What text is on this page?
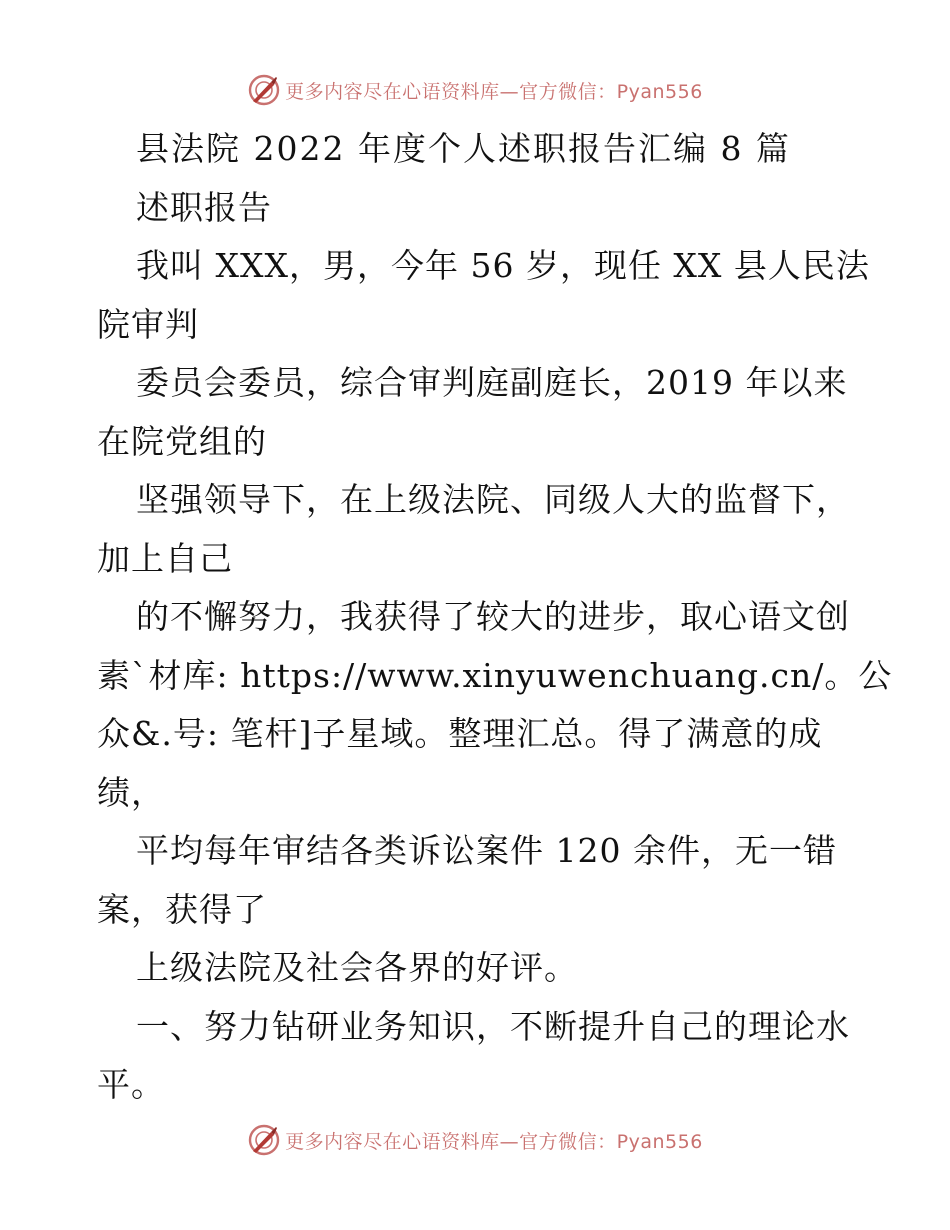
更多内容尽在心语资料库—官方微信：Pyan556
县法院 2022 年度个人述职报告汇编 8 篇
述职报告
我叫 XXX，男，今年 56 岁，现任 XX 县人民法
院审判
委员会委员，综合审判庭副庭长，2019 年以来
在院党组的
坚强领导下，在上级法院、同级人大的监督下，
加上自己
的不懈努力，我获得了较大的进步，取心语文创
素`材库: https://www.xinyuwenchuang.cn/。公
众&.号: 笔杆]子星域。整理汇总。得了满意的成
绩，
平均每年审结各类诉讼案件 120 余件，无一错
案，获得了
上级法院及社会各界的好评。
一、努力钻研业务知识，不断提升自己的理论水
平。
更多内容尽在心语资料库—官方微信：Pyan556
